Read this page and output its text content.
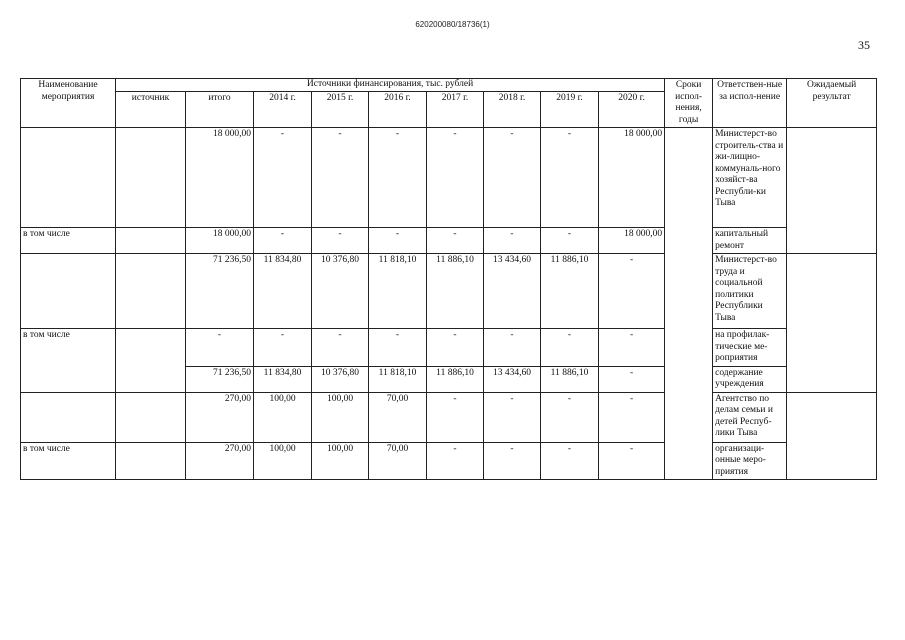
620200080/18736(1)
35
Наименование мероприятия	Источники финансирования, тыс. рублей									Сроки испол-нения, годы	Ответствен-ные за испол-нение	Ожидаемый результат
	источник	итого	2014 г.	2015 г.	2016 г.	2017 г.	2018 г.	2019 г.	2020 г.			
		18 000,00	-	-	-	-	-	-	18 000,00		Министерст-во строитель-ства и жи-лищно-коммуналь-ного хозяйст-ва Республи-ки Тыва	
в том числе		18 000,00	-	-	-	-	-	-	18 000,00		капитальный ремонт	
		71 236,50	11 834,80	10 376,80	11 818,10	11 886,10	13 434,60	11 886,10	-		Министерст-во труда и социальной политики Республики Тыва	
в том числе		-	-	-	-	-	-	-	-		на профилак-тические ме-роприятия	
		71 236,50	11 834,80	10 376,80	11 818,10	11 886,10	13 434,60	11 886,10	-		содержание учреждения	
		270,00	100,00	100,00	70,00	-	-	-	-		Агентство по делам семьи и детей Респуб-лики Тыва	
в том числе		270,00	100,00	100,00	70,00	-	-	-	-		организаци-онные меро-приятия	
